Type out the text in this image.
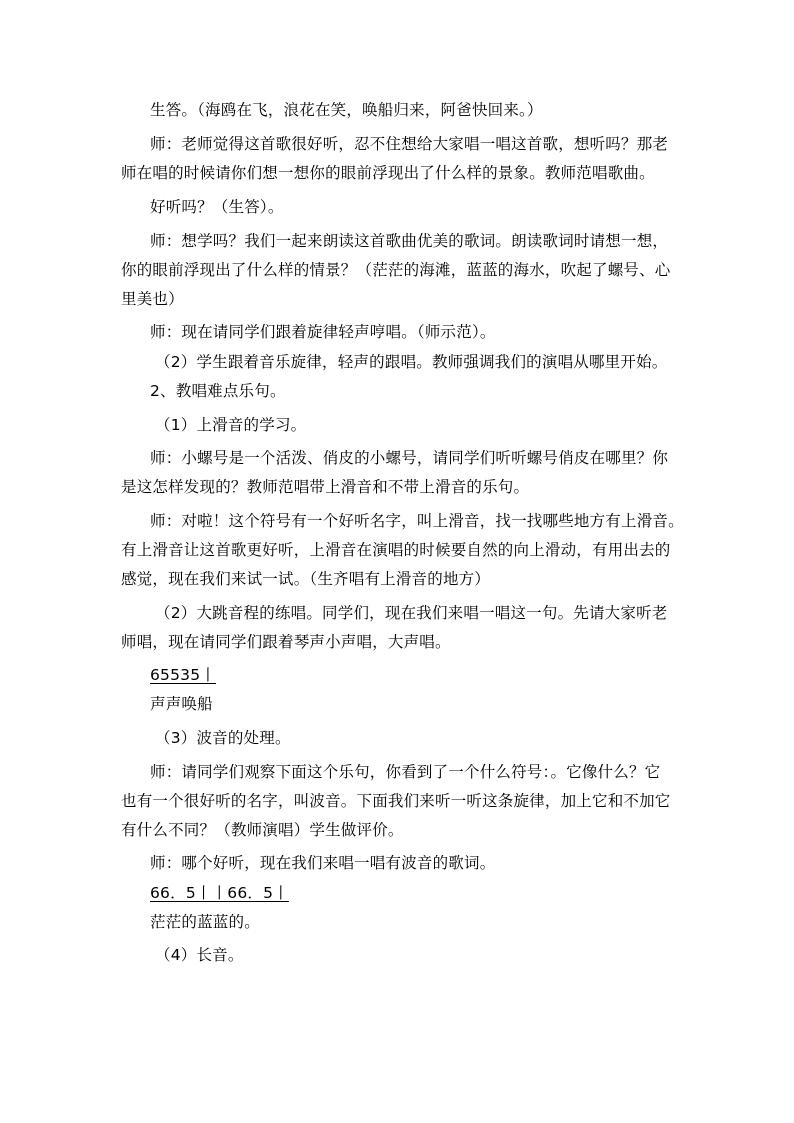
生答。（海鸥在飞，浪花在笑，唤船归来，阿爸快回来。）
师：老师觉得这首歌很好听，忍不住想给大家唱一唱这首歌，想听吗？那老
师在唱的时候请你们想一想你的眼前浮现出了什么样的景象。教师范唱歌曲。
好听吗？（生答）。
师：想学吗？我们一起来朗读这首歌曲优美的歌词。朗读歌词时请想一想，
你的眼前浮现出了什么样的情景？（茫茫的海滩，蓝蓝的海水，吹起了螺号、心
里美也）
师：现在请同学们跟着旋律轻声哼唱。（师示范）。
（2）学生跟着音乐旋律，轻声的跟唱。教师强调我们的演唱从哪里开始。
2、教唱难点乐句。
（1）上滑音的学习。
师：小螺号是一个活泼、俏皮的小螺号，请同学们听听螺号俏皮在哪里？你
是这怎样发现的？教师范唱带上滑音和不带上滑音的乐句。
师：对啦！这个符号有一个好听名字，叫上滑音，找一找哪些地方有上滑音。
有上滑音让这首歌更好听，上滑音在演唱的时候要自然的向上滑动，有用出去的
感觉，现在我们来试一试。（生齐唱有上滑音的地方）
（2）大跳音程的练唱。同学们，现在我们来唱一唱这一句。先请大家听老
师唱，现在请同学们跟着琴声小声唱，大声唱。
65535丨
声声唤船
（3）波音的处理。
师：请同学们观察下面这个乐句，你看到了一个什么符号：。它像什么？它
也有一个很好听的名字，叫波音。下面我们来听一听这条旋律，加上它和不加它
有什么不同？（教师演唱）学生做评价。
师：哪个好听，现在我们来唱一唱有波音的歌词。
66．5丨丨66．5丨
茫茫的蓝蓝的。
（4）长音。
